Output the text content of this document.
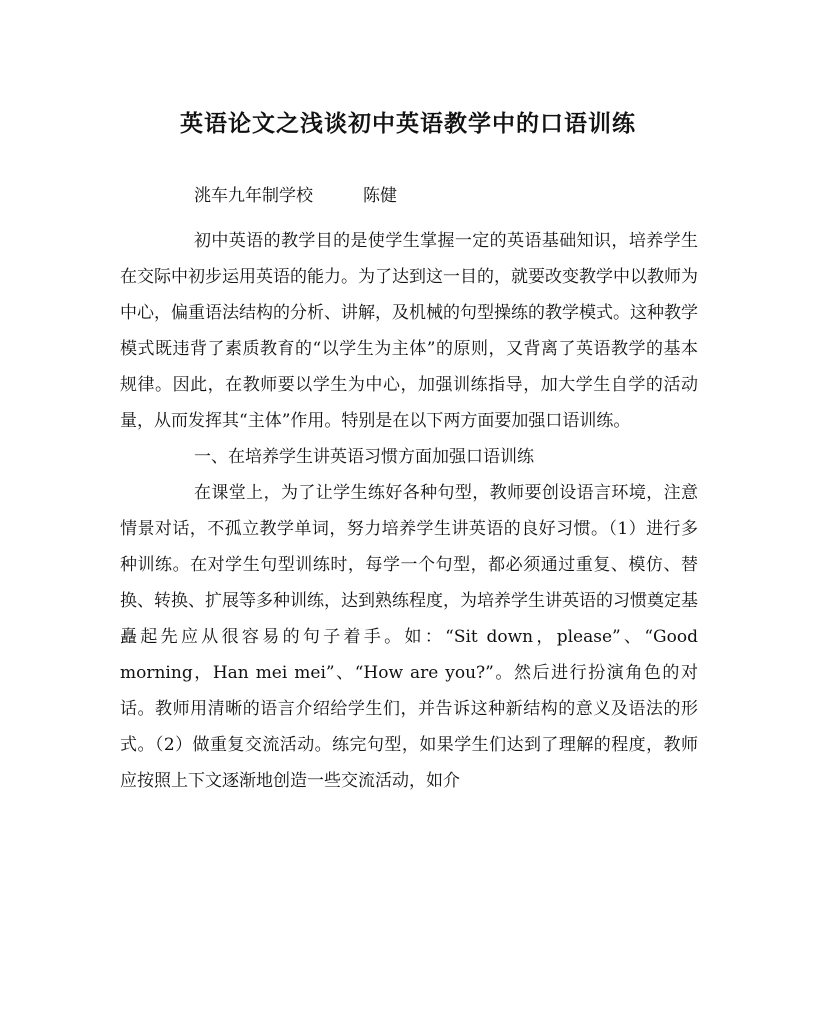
英语论文之浅谈初中英语教学中的口语训练
洮车九年制学校	陈健

初中英语的教学目的是使学生掌握一定的英语基础知识，培养学生在交际中初步运用英语的能力。为了达到这一目的，就要改变教学中以教师为中心，偏重语法结构的分析、讲解，及机械的句型操练的教学模式。这种教学模式既违背了素质教育的“以学生为主体”的原则，又背离了英语教学的基本规律。因此，在教师要以学生为中心，加强训练指导，加大学生自学的活动量，从而发挥其“主体”作用。特别是在以下两方面要加强口语训练。

一、在培养学生讲英语习惯方面加强口语训练

在课堂上，为了让学生练好各种句型，教师要创设语言环境，注意情景对话，不孤立教学单词，努力培养学生讲英语的良好习惯。（1）进行多种训练。在对学生句型训练时，每学一个句型，都必须通过重复、模仿、替换、转换、扩展等多种训练，达到熟练程度，为培养学生讲英语的习惯奠定基矗起先应从很容易的句子着手。如：“Sit down，please”、“Good morning，Han mei mei”、“How are you?”。然后进行扮演角色的对话。教师用清晰的语言介绍给学生们，并告诉这种新结构的意义及语法的形式。（2）做重复交流活动。练完句型，如果学生们达到了理解的程度，教师应按照上下文逐渐地创造一些交流活动，如介
